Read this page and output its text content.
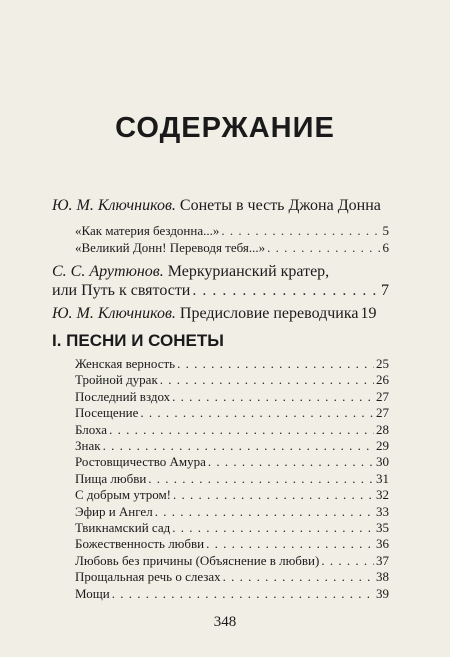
СОДЕРЖАНИЕ
Ю. М. Ключников. Сонеты в честь Джона Донна
«Как материя бездонна...» . . .	5
«Великий Донн! Переводя тебя...» . . .	6
С. С. Арутюнов. Меркурианский кратер,
или Путь к святости . . .	7
Ю. М. Ключников. Предисловие переводчика 19
I. ПЕСНИ И СОНЕТЫ
Женская верность . . .	25
Тройной дурак . . .	26
Последний вздох . . .	27
Посещение . . .	27
Блоха . . .	28
Знак . . .	29
Ростовщичество Амура . . .	30
Пища любви . . .	31
С добрым утром! . . .	32
Эфир и Ангел . . .	33
Твикнамский сад . . .	35
Божественность любви . . .	36
Любовь без причины (Объяснение в любви) . . .	37
Прощальная речь о слезах . . .	38
Мощи . . .	39
348
